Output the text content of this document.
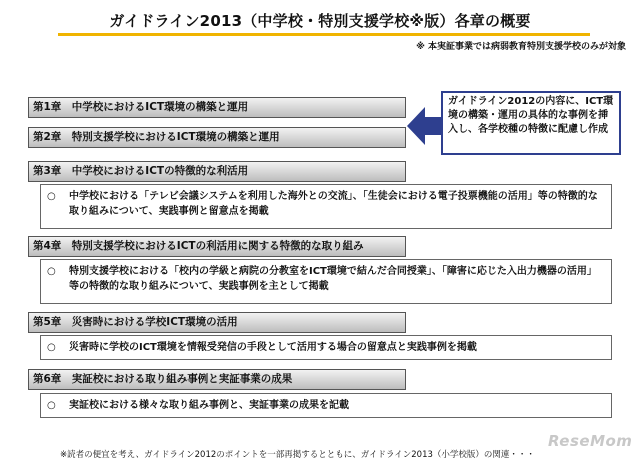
ガイドライン2013（中学校・特別支援学校※版）各章の概要
※ 本実証事業では病弱教育特別支援学校のみが対象
第1章　中学校におけるICT環境の構築と運用
第2章　特別支援学校におけるICT環境の構築と運用
ガイドライン2012の内容に、ICT環境の構築・運用の具体的な事例を挿入し、各学校種の特徴に配慮し作成
第3章　中学校におけるICTの特徴的な利活用
○	中学校における「テレビ会議システムを利用した海外との交流」、「生徒会における電子投票機能の活用」等の特徴的な取り組みについて、実践事例と留意点を掲載
第4章　特別支援学校におけるICTの利活用に関する特徴的な取り組み
○	特別支援学校における「校内の学級と病院の分教室をICT環境で結んだ合同授業」、「障害に応じた入出力機器の活用」等の特徴的な取り組みについて、実践事例を主として掲載
第5章　災害時における学校ICT環境の活用
○	災害時に学校のICT環境を情報受発信の手段として活用する場合の留意点と実践事例を掲載
第6章　実証校における取り組み事例と実証事業の成果
○	実証校における様々な取り組み事例と、実証事業の成果を記載
※読者の便宜を考え、ガイドライン2012のポイントを一部再掲するとともに、ガイドライン2013（小学校版）の関連・・・
ReseMom
